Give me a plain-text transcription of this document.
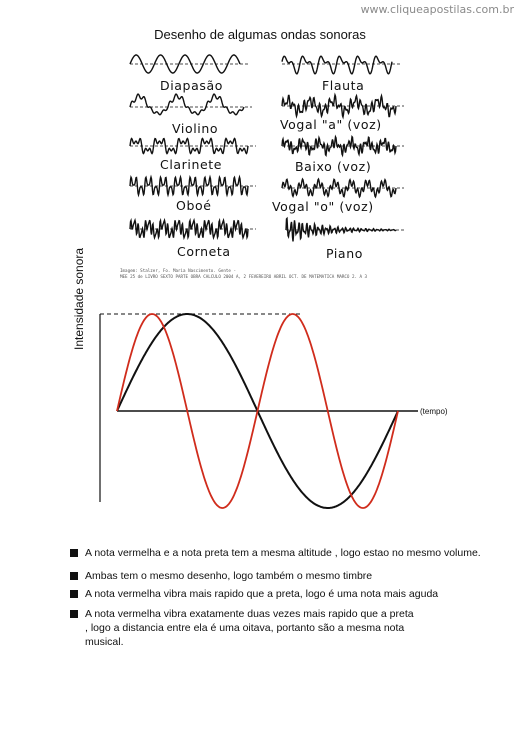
www.cliqueapostilas.com.br
Desenho de algumas ondas sonoras
Diapasão	Flauta
Violino	Vogal "a" (voz)
Clarinete	Baixo (voz)
Oboé	Vogal "o" (voz)
Corneta	Piano
Imagem: Stalzer, Fo. Maria Nascimento. Gente -
MEE 25 de LIVRO SEXTO PARTE OBRA CALCULO 2004 A, 2 FEVEREIRO ABRIL OCT. DE MATEMATICA MARCO 2. A 3
(tempo)
Intensidade sonora
A nota vermelha e a nota preta tem a mesma altitude , logo estao no mesmo volume.
Ambas tem o mesmo desenho, logo também o mesmo timbre
A nota vermelha vibra mais rapido que a preta, logo é uma nota mais aguda
A nota vermelha vibra exatamente duas vezes mais rapido que a preta , logo a distancia entre ela é uma oitava, portanto são a mesma nota musical.
